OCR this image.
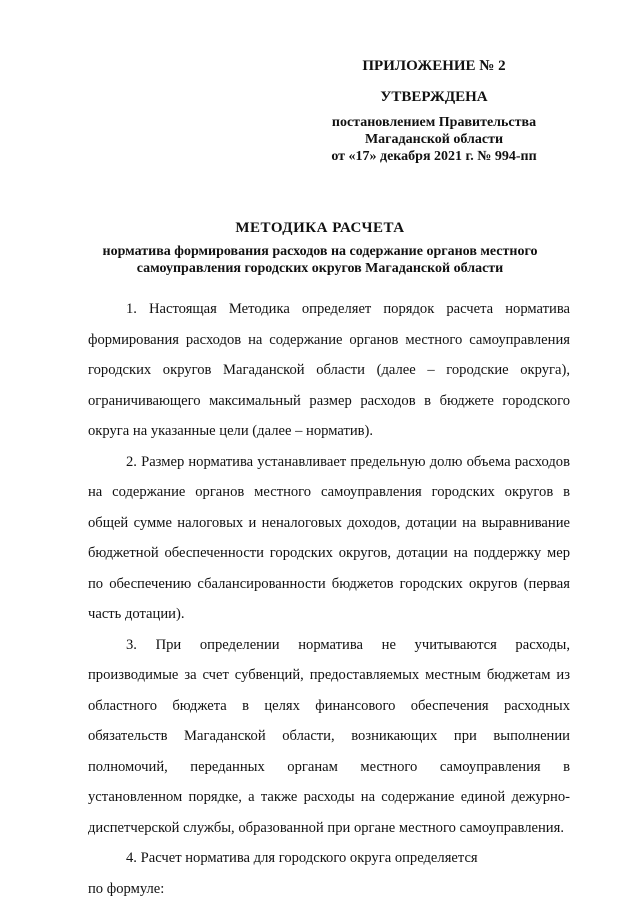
ПРИЛОЖЕНИЕ № 2
УТВЕРЖДЕНА
постановлением Правительства
Магаданской области
от «17» декабря 2021 г. № 994-пп
МЕТОДИКА РАСЧЕТА
норматива формирования расходов на содержание органов местного
самоуправления городских округов Магаданской области

1. Настоящая Методика определяет порядок расчета норматива формирования расходов на содержание органов местного самоуправления городских округов Магаданской области (далее – городские округа), ограничивающего максимальный размер расходов в бюджете городского округа на указанные цели (далее – норматив).

2. Размер норматива устанавливает предельную долю объема расходов на содержание органов местного самоуправления городских округов в общей сумме налоговых и неналоговых доходов, дотации на выравнивание бюджетной обеспеченности городских округов, дотации на поддержку мер по обеспечению сбалансированности бюджетов городских округов (первая часть дотации).

3. При определении норматива не учитываются расходы, производимые за счет субвенций, предоставляемых местным бюджетам из областного бюджета в целях финансового обеспечения расходных обязательств Магаданской области, возникающих при выполнении полномочий, переданных органам местного самоуправления в установленном порядке, а также расходы на содержание единой дежурно-диспетчерской службы, образованной при органе местного самоуправления.

4. Расчет норматива для городского округа определяется

по формуле:
